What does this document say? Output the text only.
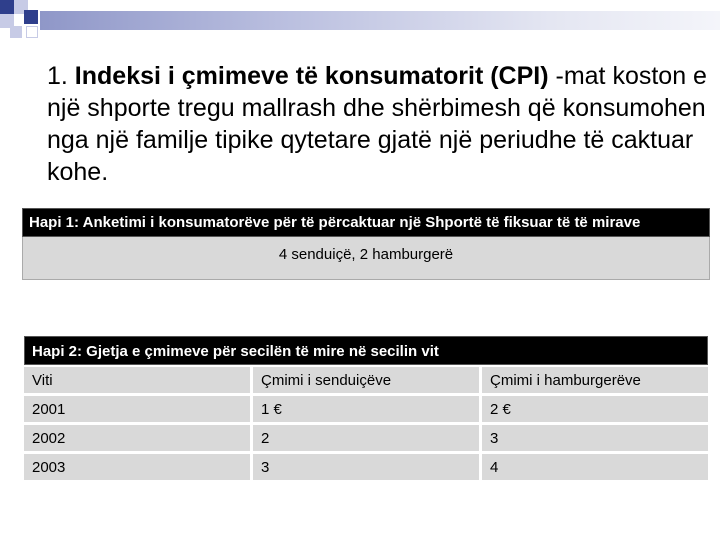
1. Indeksi i çmimeve të konsumatorit (CPI) -mat koston e një shporte tregu mallrash dhe shërbimesh që konsumohen nga një familje tipike qytetare gjatë një periudhe të caktuar kohe.

Hapi 1: Anketimi i konsumatorëve për të përcaktuar një Shportë të fiksuar të të mirave
4 senduiçë, 2 hamburgerë
Hapi 2: Gjetja e çmimeve për secilën të mire në secilin vit
Viti	Çmimi i senduiçëve	Çmimi i hamburgerëve
2001	1 €	2 €
2002	2	3
2003	3	4
